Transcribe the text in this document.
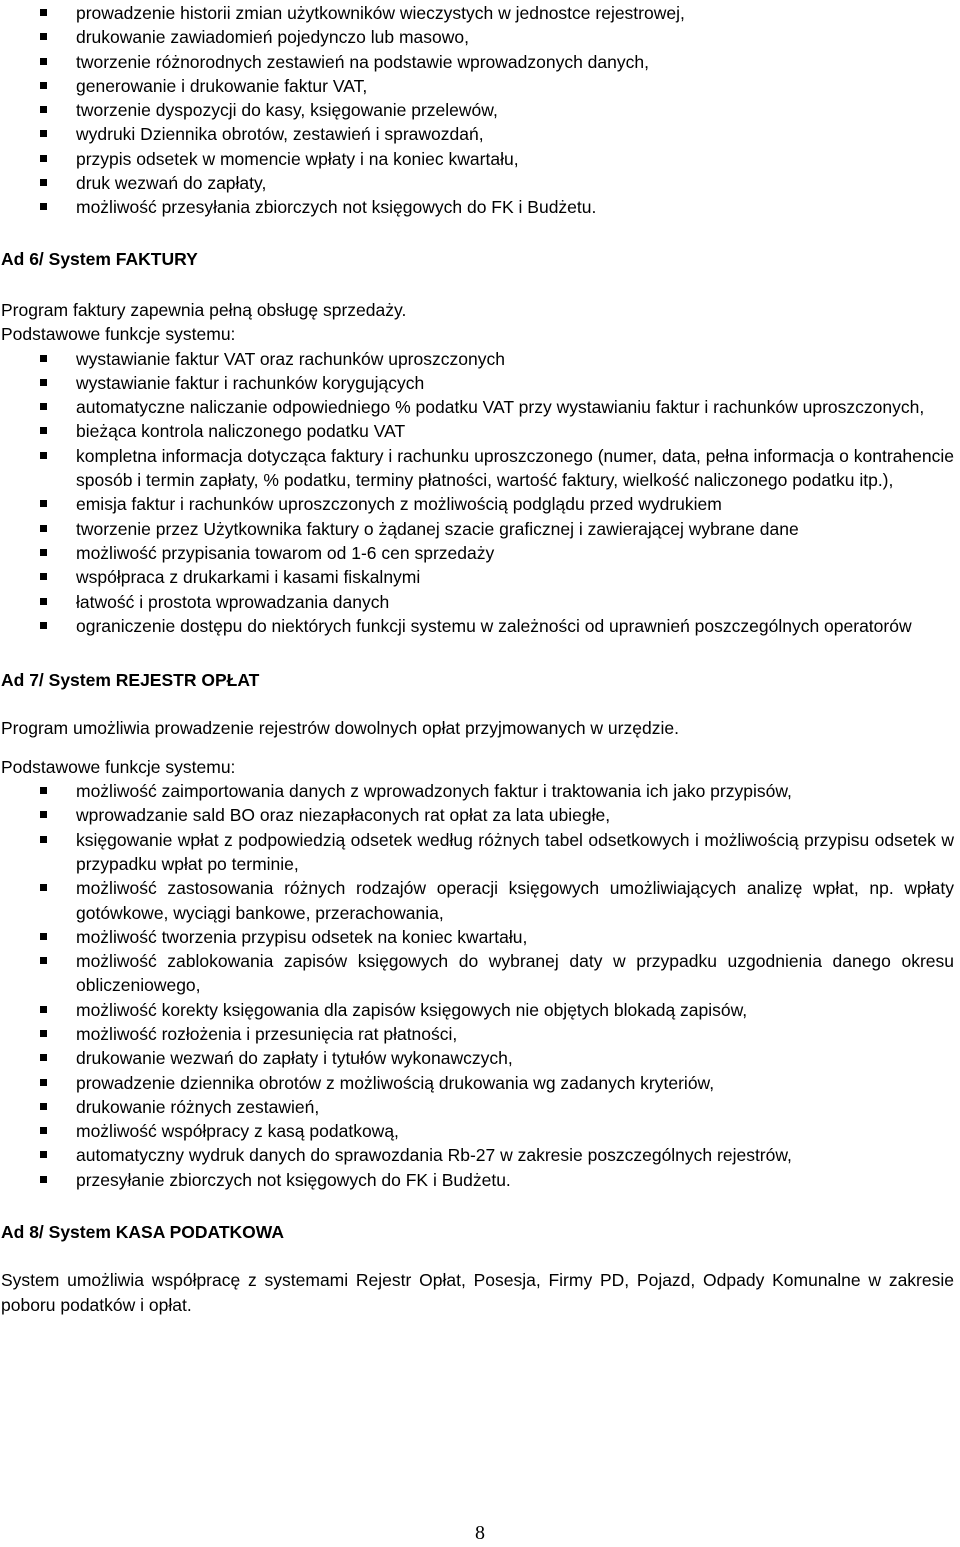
prowadzenie historii zmian użytkowników wieczystych w jednostce rejestrowej,
drukowanie zawiadomień pojedynczo lub masowo,
tworzenie różnorodnych zestawień na podstawie wprowadzonych danych,
generowanie i drukowanie faktur VAT,
tworzenie dyspozycji do kasy, księgowanie przelewów,
wydruki Dziennika obrotów, zestawień i sprawozdań,
przypis odsetek w momencie wpłaty i na koniec kwartału,
druk wezwań do zapłaty,
możliwość przesyłania zbiorczych not księgowych do FK i Budżetu.
Ad 6/ System FAKTURY

Program faktury zapewnia pełną obsługę sprzedaży.

Podstawowe funkcje systemu:

wystawianie faktur VAT oraz rachunków uproszczonych
wystawianie faktur i rachunków korygujących
automatyczne naliczanie odpowiedniego % podatku VAT przy wystawianiu faktur i rachunków uproszczonych,
bieżąca kontrola naliczonego podatku VAT
kompletna informacja dotycząca faktury i rachunku uproszczonego (numer, data, pełna informacja o kontrahencie sposób i termin zapłaty, % podatku, terminy płatności, wartość faktury, wielkość naliczonego podatku itp.),
emisja faktur i rachunków uproszczonych z możliwością podglądu przed wydrukiem
tworzenie przez Użytkownika faktury o żądanej szacie graficznej i zawierającej wybrane dane
możliwość przypisania towarom od 1-6 cen sprzedaży
współpraca z drukarkami i kasami fiskalnymi
łatwość i prostota wprowadzania danych
ograniczenie dostępu do niektórych funkcji systemu w zależności od uprawnień poszczególnych operatorów
Ad 7/ System REJESTR OPŁAT

Program umożliwia prowadzenie rejestrów dowolnych opłat przyjmowanych w urzędzie.

Podstawowe funkcje systemu:

możliwość zaimportowania danych z wprowadzonych faktur i traktowania ich jako przypisów,
wprowadzanie sald BO oraz niezapłaconych rat opłat za lata ubiegłe,
księgowanie wpłat z podpowiedzią odsetek według różnych tabel odsetkowych i możliwością przypisu odsetek w przypadku wpłat po terminie,
możliwość zastosowania różnych rodzajów operacji księgowych umożliwiających analizę wpłat, np. wpłaty gotówkowe, wyciągi bankowe, przerachowania,
możliwość tworzenia przypisu odsetek na koniec kwartału,
możliwość zablokowania zapisów księgowych do wybranej daty w przypadku uzgodnienia danego okresu obliczeniowego,
możliwość korekty księgowania dla zapisów księgowych nie objętych blokadą zapisów,
możliwość rozłożenia i przesunięcia rat płatności,
drukowanie wezwań do zapłaty i tytułów wykonawczych,
prowadzenie dziennika obrotów z możliwością drukowania wg zadanych kryteriów,
drukowanie różnych zestawień,
możliwość współpracy z kasą podatkową,
automatyczny wydruk danych do sprawozdania Rb-27 w zakresie poszczególnych rejestrów,
przesyłanie zbiorczych not księgowych do FK i Budżetu.
Ad 8/ System KASA PODATKOWA

System umożliwia współpracę z systemami Rejestr Opłat, Posesja, Firmy PD, Pojazd, Odpady Komunalne w zakresie poboru podatków i opłat.

8
